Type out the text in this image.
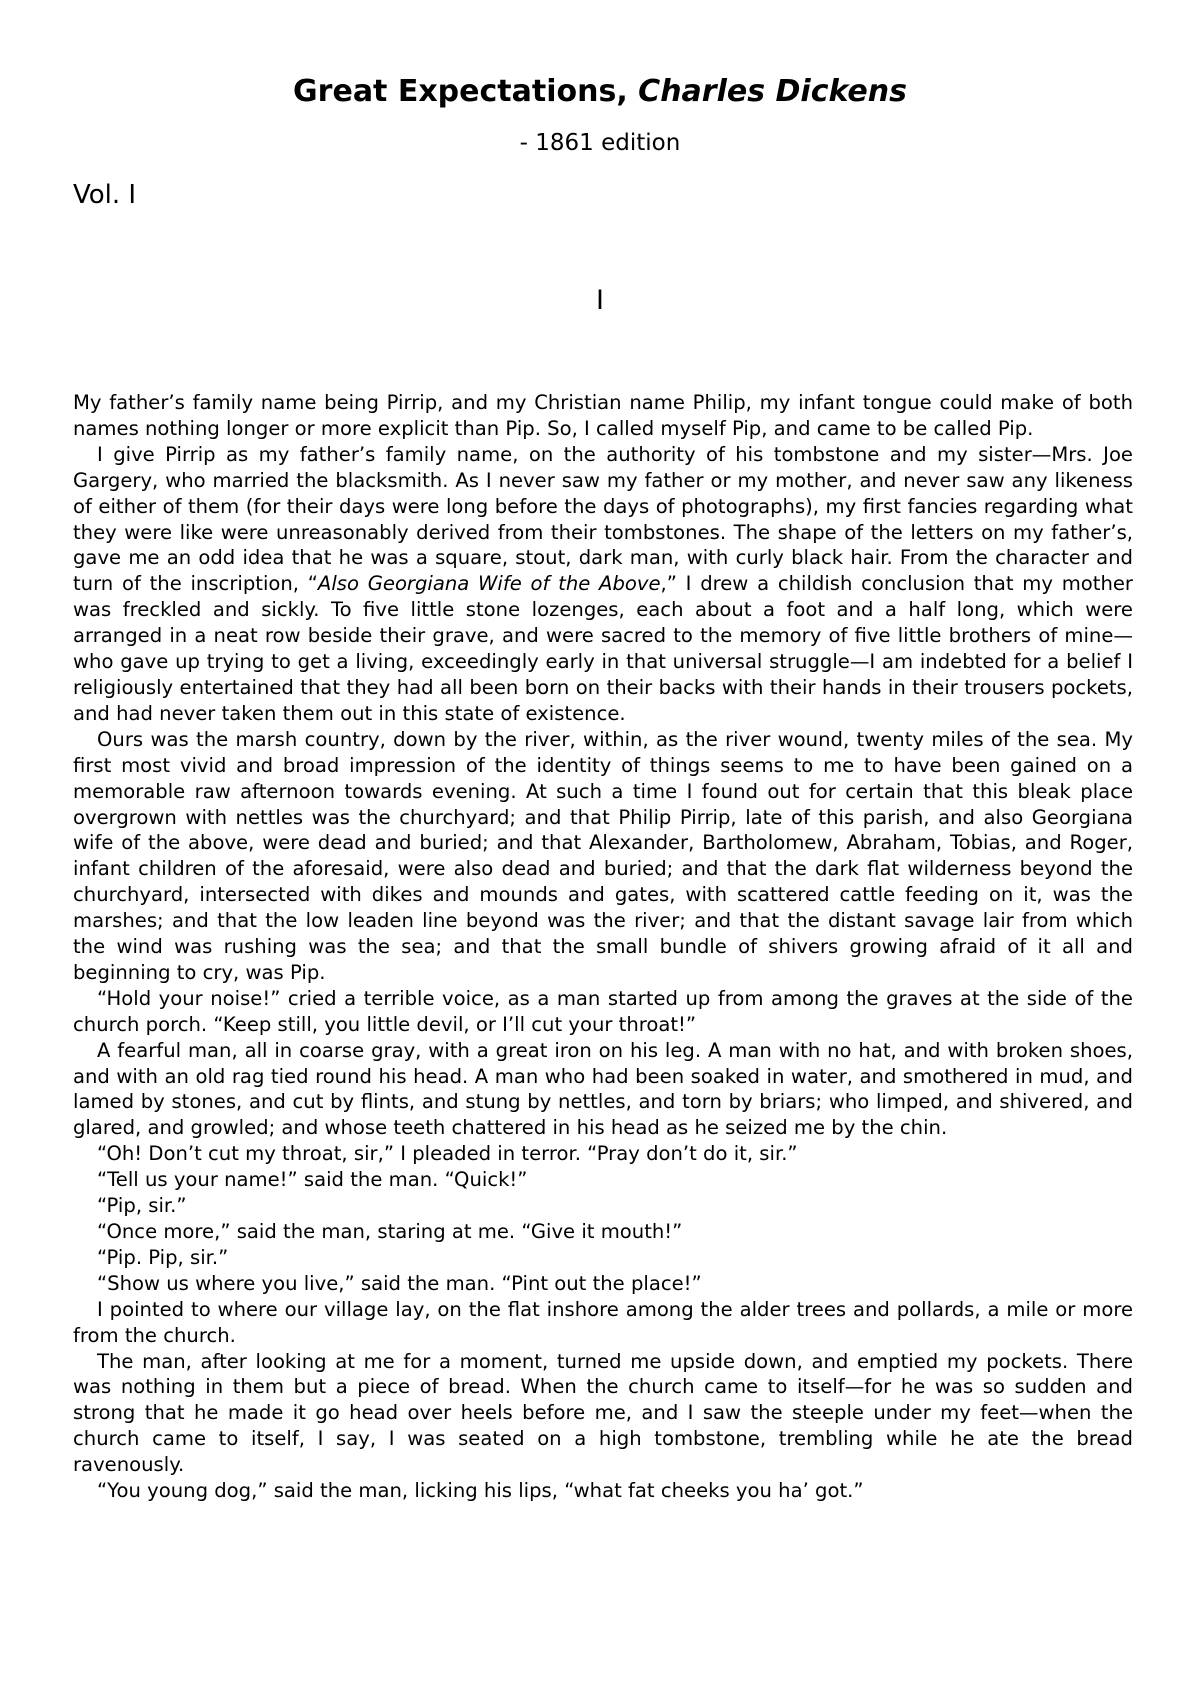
Great Expectations, Charles Dickens
- 1861 edition
Vol. I
I

My father’s family name being Pirrip, and my Christian name Philip, my infant tongue could make of both names nothing longer or more explicit than Pip. So, I called myself Pip, and came to be called Pip.

I give Pirrip as my father’s family name, on the authority of his tombstone and my sister—Mrs. Joe Gargery, who married the blacksmith. As I never saw my father or my mother, and never saw any likeness of either of them (for their days were long before the days of photographs), my first fancies regarding what they were like were unreasonably derived from their tombstones. The shape of the letters on my father’s, gave me an odd idea that he was a square, stout, dark man, with curly black hair. From the character and turn of the inscription, “Also Georgiana Wife of the Above,” I drew a childish conclusion that my mother was freckled and sickly. To five little stone lozenges, each about a foot and a half long, which were arranged in a neat row beside their grave, and were sacred to the memory of five little brothers of mine—who gave up trying to get a living, exceedingly early in that universal struggle—I am indebted for a belief I religiously entertained that they had all been born on their backs with their hands in their trousers pockets, and had never taken them out in this state of existence.

Ours was the marsh country, down by the river, within, as the river wound, twenty miles of the sea. My first most vivid and broad impression of the identity of things seems to me to have been gained on a memorable raw afternoon towards evening. At such a time I found out for certain that this bleak place overgrown with nettles was the churchyard; and that Philip Pirrip, late of this parish, and also Georgiana wife of the above, were dead and buried; and that Alexander, Bartholomew, Abraham, Tobias, and Roger, infant children of the aforesaid, were also dead and buried; and that the dark flat wilderness beyond the churchyard, intersected with dikes and mounds and gates, with scattered cattle feeding on it, was the marshes; and that the low leaden line beyond was the river; and that the distant savage lair from which the wind was rushing was the sea; and that the small bundle of shivers growing afraid of it all and beginning to cry, was Pip.

“Hold your noise!” cried a terrible voice, as a man started up from among the graves at the side of the church porch. “Keep still, you little devil, or I’ll cut your throat!”

A fearful man, all in coarse gray, with a great iron on his leg. A man with no hat, and with broken shoes, and with an old rag tied round his head. A man who had been soaked in water, and smothered in mud, and lamed by stones, and cut by flints, and stung by nettles, and torn by briars; who limped, and shivered, and glared, and growled; and whose teeth chattered in his head as he seized me by the chin.

“Oh! Don’t cut my throat, sir,” I pleaded in terror. “Pray don’t do it, sir.”

“Tell us your name!” said the man. “Quick!”

“Pip, sir.”

“Once more,” said the man, staring at me. “Give it mouth!”

“Pip. Pip, sir.”

“Show us where you live,” said the man. “Pint out the place!”

I pointed to where our village lay, on the flat inshore among the alder trees and pollards, a mile or more from the church.

The man, after looking at me for a moment, turned me upside down, and emptied my pockets. There was nothing in them but a piece of bread. When the church came to itself—for he was so sudden and strong that he made it go head over heels before me, and I saw the steeple under my feet—when the church came to itself, I say, I was seated on a high tombstone, trembling while he ate the bread ravenously.

“You young dog,” said the man, licking his lips, “what fat cheeks you ha’ got.”
